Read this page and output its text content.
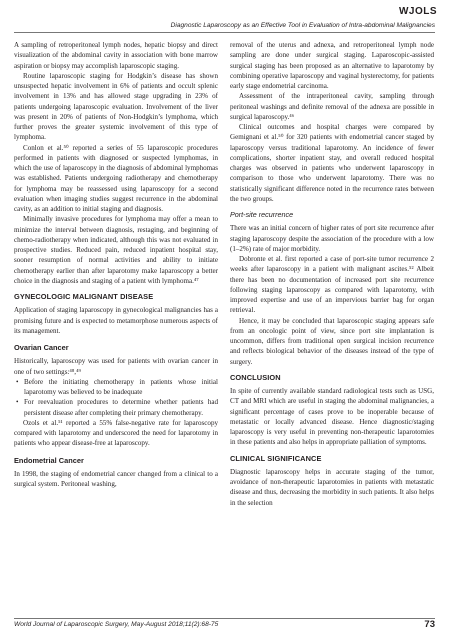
WJOLS
Diagnostic Laparoscopy as an Effective Tool in Evaluation of Intra-abdominal Malignancies

A sampling of retroperitoneal lymph nodes, hepatic biopsy and direct visualization of the abdominal cavity in association with bone marrow aspiration or biopsy may accomplish laparoscopic staging.

Routine laparoscopic staging for Hodgkin’s disease has shown unsuspected hepatic involvement in 6% of patients and occult splenic involvement in 13% and has allowed stage upgrading in 23% of patients undergoing laparoscopic evaluation. Involvement of the liver was present in 20% of patients of Non-Hodgkin’s lymphoma, which further proves the greater systemic involvement of this type of lymphoma.

Conlon et al.⁵⁰ reported a series of 55 laparoscopic procedures performed in patients with diagnosed or suspected lymphomas, in which the use of laparoscopy in the diagnosis of abdominal lymphomas was established. Patients undergoing radiotherapy and chemotherapy for lymphoma may be reassessed using laparoscopy for a second evaluation when imaging studies suggest recurrence in the abdominal cavity, as an addition to initial staging and diagnosis.

Minimally invasive procedures for lymphoma may offer a mean to minimize the interval between diagnosis, restaging, and beginning of chemo-radiotherapy when indicated, although this was not evaluated in prospective studies. Reduced pain, reduced inpatient hospital stay, sooner resumption of normal activities and ability to initiate chemotherapy earlier than after laparotomy make laparoscopy a better choice in the diagnosis and staging of a patient with lymphoma.⁴⁷

GYNECOLOGIC MALIGNANT DISEASE

Application of staging laparoscopy in gynecological malignancies has a promising future and is expected to metamorphose numerous aspects of its management.

Ovarian Cancer

Historically, laparoscopy was used for patients with ovarian cancer in one of two settings:⁴⁸,⁴⁹

• Before the initiating chemotherapy in patients whose initial laparotomy was believed to be inadequate
• For reevaluation procedures to determine whether patients had persistent disease after completing their primary chemotherapy.

Ozols et al.⁵¹ reported a 55% false-negative rate for laparoscopy compared with laparotomy and underscored the need for laparotomy in patients who appear disease-free at laparoscopy.

Endometrial Cancer

In 1998, the staging of endometrial cancer changed from a clinical to a surgical system. Peritoneal washing,

removal of the uterus and adnexa, and retroperitoneal lymph node sampling are done under surgical staging. Laparoscopic-assisted surgical staging has been proposed as an alternative to laparotomy by combining operative laparoscopy and vaginal hysterectomy, for patients early stage endometrial carcinoma.

Assessment of the intraperitoneal cavity, sampling through peritoneal washings and definite removal of the adnexa are possible in surgical laparoscopy.⁴⁶

Clinical outcomes and hospital charges were compared by Gemignani et al.⁵⁰ for 320 patients with endometrial cancer staged by laparoscopy versus traditional laparotomy. An incidence of fewer complications, shorter inpatient stay, and overall reduced hospital charges was observed in patients who underwent laparoscopy in comparison to those who underwent laparotomy. There was no statistically significant difference noted in the recurrence rates between the two groups.

Port-site recurrence

There was an initial concern of higher rates of port site recurrence after staging laparoscopy despite the association of the procedure with a low (1–2%) rate of major morbidity.

Dobronte et al. first reported a case of port-site tumor recurrence 2 weeks after laparoscopy in a patient with malignant ascites.⁵² Albeit there has been no documentation of increased port site recurrence following staging laparoscopy as compared with laparotomy, with improved expertise and use of an impervious barrier bag for organ retrieval.

Hence, it may be concluded that laparoscopic staging appears safe from an oncologic point of view, since port site implantation is uncommon, differs from traditional open surgical incision recurrence and reflects biological behavior of the diseases instead of the type of surgery.

CONCLUSION

In spite of currently available standard radiological tests such as USG, CT and MRI which are useful in staging the abdominal malignancies, a significant percentage of cases prove to be inoperable because of metastatic or locally advanced disease. Hence diagnostic/staging laparoscopy is very useful in preventing non-therapeutic laparotomies in these patients and also helps in appropriate palliation of symptoms.

CLINICAL SIGNIFICANCE

Diagnostic laparoscopy helps in accurate staging of the tumor, avoidance of non-therapeutic laparotomies in patients with metastatic disease and thus, decreasing the morbidity in such patients. It also helps in the selection

World Journal of Laparoscopic Surgery, May-August 2018;11(2):68-75	73
